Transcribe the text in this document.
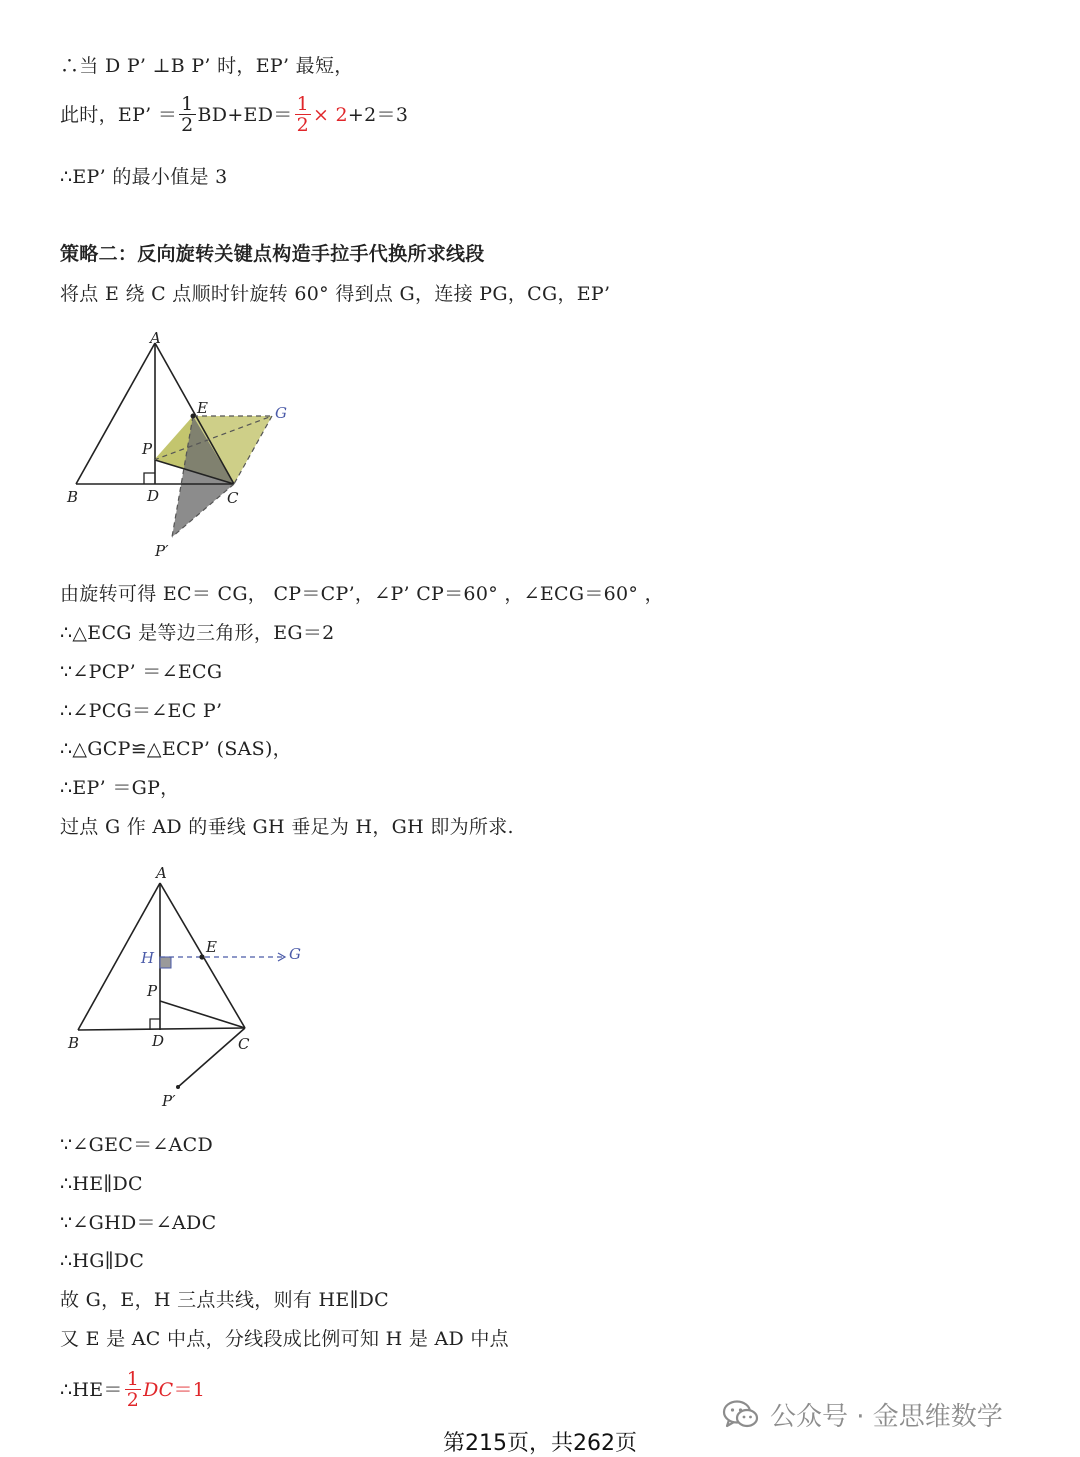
∴当 D P’ ⊥B P’ 时，EP’ 最短，
此时，EP’ ＝ $\frac{1}{2} BD+ED= \frac{1}{2} \times 2 +2=3$
∴EP’ 的最小值是 3
策略二：反向旋转关键点构造手拉手代换所求线段
将点 E 绕 C 点顺时针旋转 60° 得到点 G，连接 PG，CG，EP’
A
E	G
P
B	D	C
P′
由旋转可得 EC＝ CG， CP＝CP’，∠P’ CP＝60° ，∠ECG＝60° ，
∴△ECG 是等边三角形，EG＝2
∵∠PCP’ ＝∠ECG
∴∠PCG＝∠EC P’
∴△GCP≌△ECP’ (SAS)，
∴EP’ ＝GP，
过点 G 作 AD 的垂线 GH 垂足为 H，GH 即为所求.
A
H
E	G
P
B	D	C
P′
∵∠GEC＝∠ACD
∴HE∥DC
∵∠GHD＝∠ADC
∴HG∥DC
故 G，E，H 三点共线，则有 HE∥DC
又 E 是 AC 中点，分线段成比例可知 H 是 AD 中点
∴HE＝ $\frac{1}{2}$ DC ＝1
公众号 · 金思维数学
第215页，共262页
